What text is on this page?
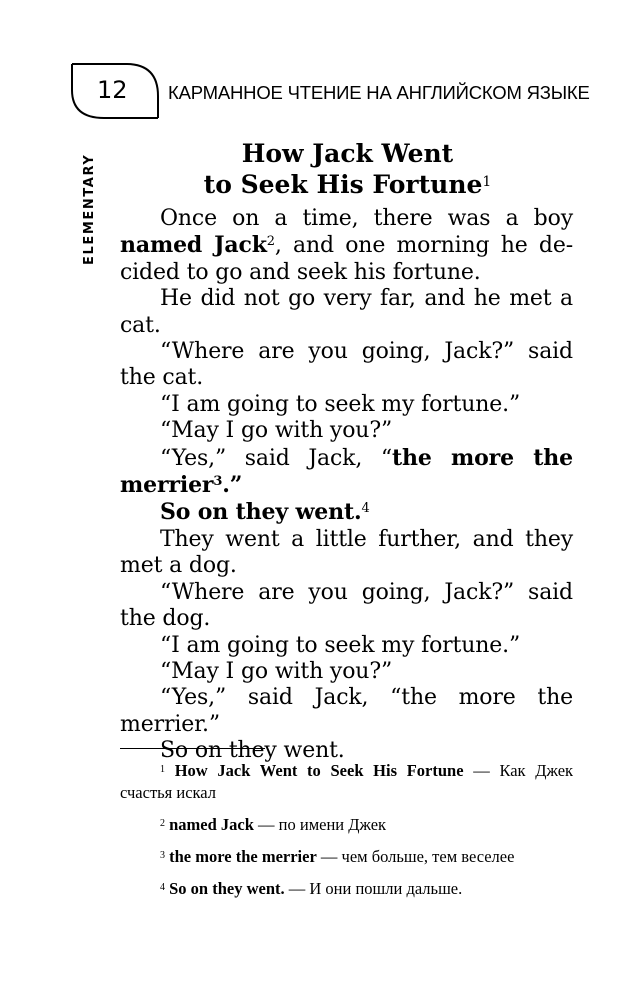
12 КАРМАННОЕ ЧТЕНИЕ НА АНГЛИЙСКОМ ЯЗЫКЕ
ELEMENTARY
How Jack Went
to Seek His Fortune$^1$

Once on a time, there was a boy named Jack$^2$, and one morning he de-cided to go and seek his fortune.

He did not go very far, and he met a cat.

“Where are you going, Jack?” said the cat.

“I am going to seek my fortune.”

“May I go with you?”

“Yes,” said Jack, “the more the merrier$^3$.”

So on they went.$^4$

They went a little further, and they met a dog.

“Where are you going, Jack?” said the dog.

“I am going to seek my fortune.”

“May I go with you?”

“Yes,” said Jack, “the more the merrier.”

So on they went.

$^1$ How Jack Went to Seek His Fortune — Как Джек счастья искал

$^2$ named Jack — по имени Джек

$^3$ the more the merrier — чем больше, тем веселее

$^4$ So on they went. — И они пошли дальше.
